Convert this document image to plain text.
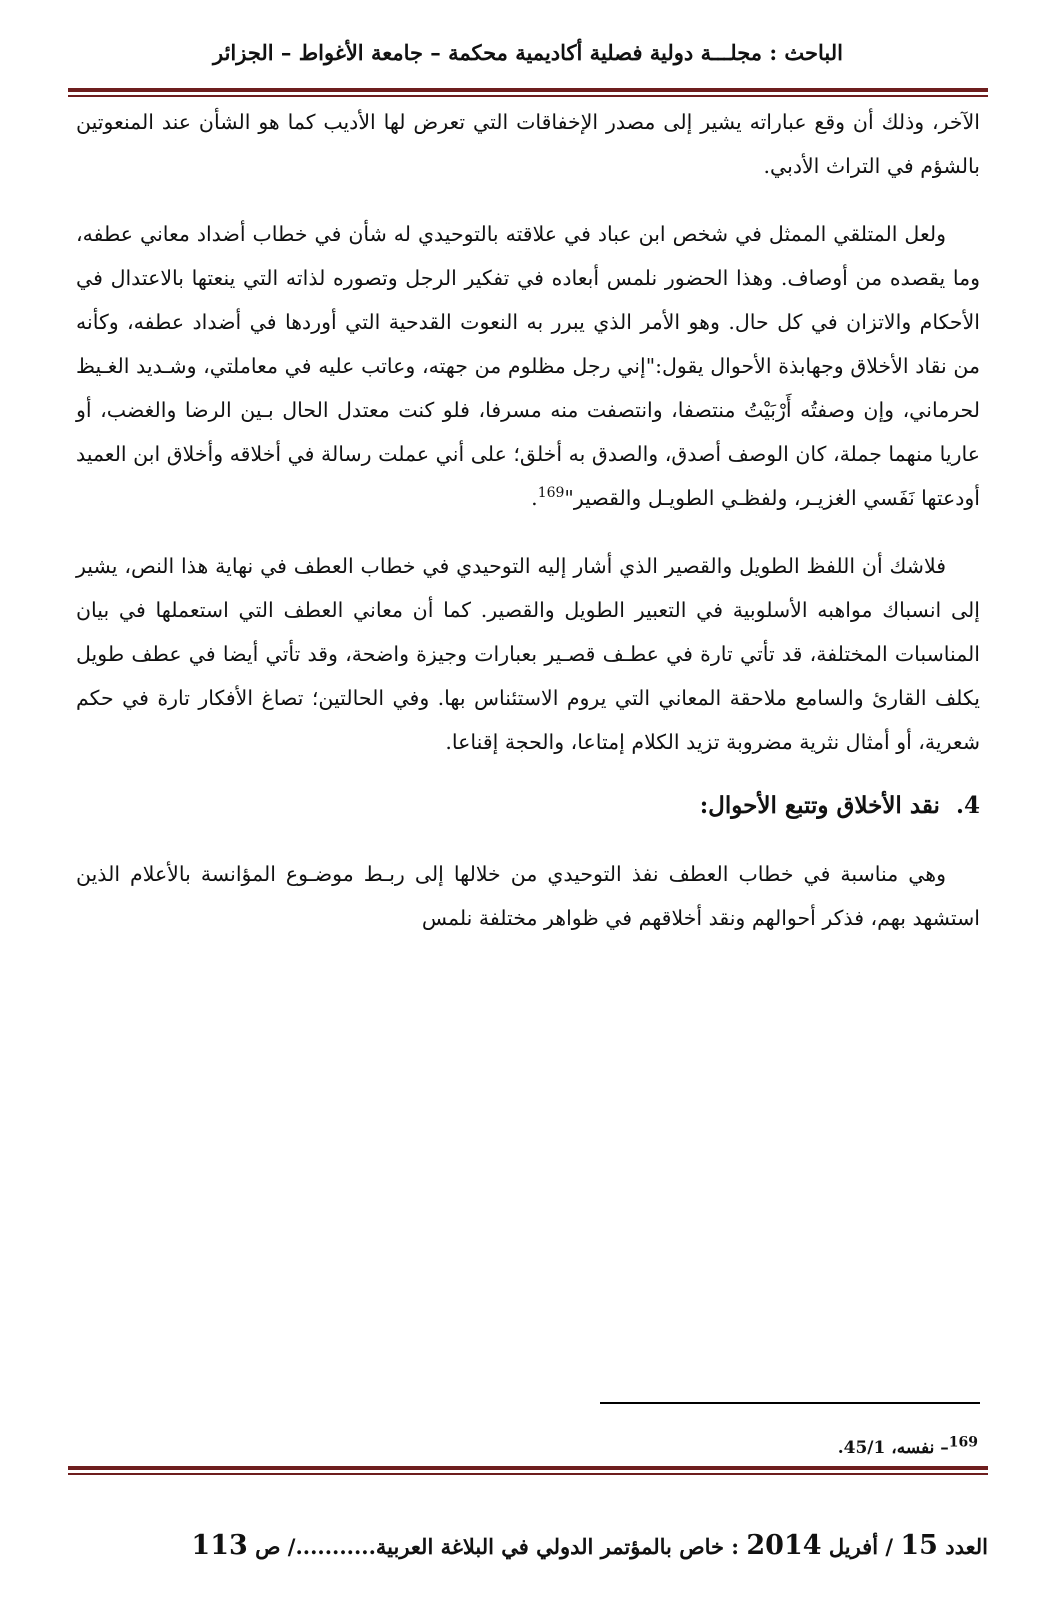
الباحث : مجلـــة دولية فصلية أكاديمية محكمة – جامعة الأغواط – الجزائر

الآخر، وذلك أن وقع عباراته يشير إلى مصدر الإخفاقات التي تعرض لها الأديب كما هو الشأن عند المنعوتين بالشؤم في التراث الأدبي.

ولعل المتلقي الممثل في شخص ابن عباد في علاقته بالتوحيدي له شأن في خطاب أضداد معاني عطفه، وما يقصده من أوصاف. وهذا الحضور نلمس أبعاده في تفكير الرجل وتصوره لذاته التي ينعتها بالاعتدال في الأحكام والاتزان في كل حال. وهو الأمر الذي يبرر به النعوت القدحية التي أوردها في أضداد عطفه، وكأنه من نقاد الأخلاق وجهابذة الأحوال يقول:"إني رجل مظلوم من جهته، وعاتب عليه في معاملتي، وشـديد الغـيظ لحرماني، وإن وصفتُه أَرْبَيْتُ منتصفا، وانتصفت منه مسرفا، فلو كنت معتدل الحال بـين الرضا والغضب، أو عاريا منهما جملة، كان الوصف أصدق، والصدق به أخلق؛ على أني عملت رسالة في أخلاقه وأخلاق ابن العميد أودعتها نَفَسي الغزيـر، ولفظـي الطويـل والقصير"$^{169}$.

فلاشك أن اللفظ الطويل والقصير الذي أشار إليه التوحيدي في خطاب العطف في نهاية هذا النص، يشير إلى انسباك مواهبه الأسلوبية في التعبير الطويل والقصير. كما أن معاني العطف التي استعملها في بيان المناسبات المختلفة، قد تأتي تارة في عطـف قصـير بعبارات وجيزة واضحة، وقد تأتي أيضا في عطف طويل يكلف القارئ والسامع ملاحقة المعاني التي يروم الاستئناس بها. وفي الحالتين؛ تصاغ الأفكار تارة في حكم شعرية، أو أمثال نثرية مضروبة تزيد الكلام إمتاعا، والحجة إقناعا.

4. نقد الأخلاق وتتبع الأحوال:

وهي مناسبة في خطاب العطف نفذ التوحيدي من خلالها إلى ربـط موضـوع المؤانسة بالأعلام الذين استشهد بهم، فذكر أحوالهم ونقد أخلاقهم في ظواهر مختلفة نلمس

$^{169}$– نفسه، 45/1.
العدد 15 / أفريل 2014 : خاص بالمؤتمر الدولي في البلاغة العربية.........../ ص 113
